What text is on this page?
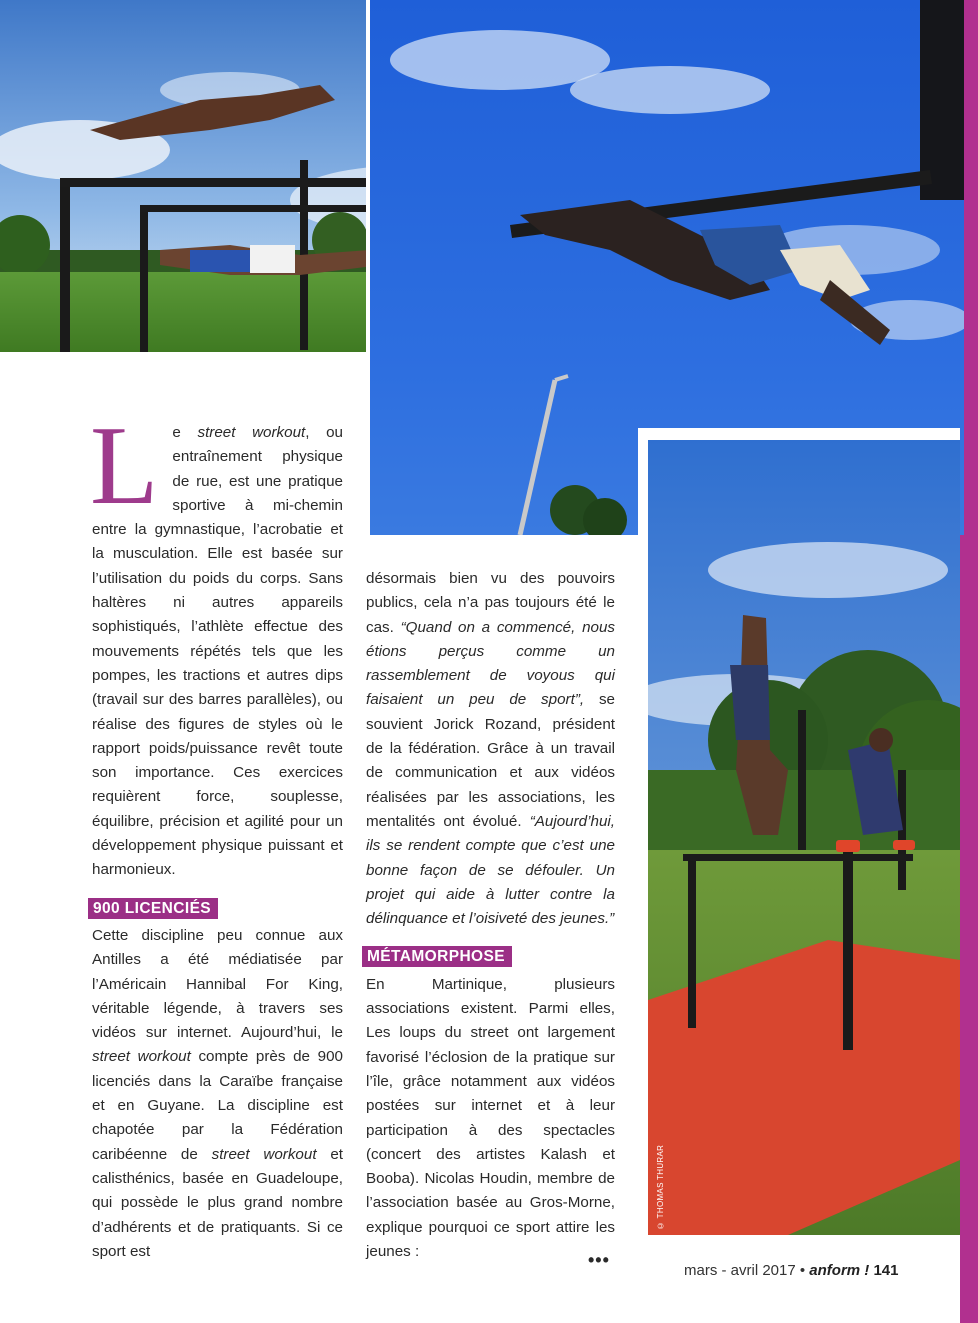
© THOMAS THURAR

Le street workout, ou entraînement physique de rue, est une pratique sportive à mi-chemin entre la gymnastique, l’acrobatie et la musculation. Elle est basée sur l’utilisation du poids du corps. Sans haltères ni autres appareils sophistiqués, l’athlète effectue des mouvements répétés tels que les pompes, les tractions et autres dips (travail sur des barres parallèles), ou réalise des figures de styles où le rapport poids/puissance revêt toute son importance. Ces exercices requièrent force, souplesse, équilibre, précision et agilité pour un développement physique puissant et harmonieux.

900 LICENCIÉS

Cette discipline peu connue aux Antilles a été médiatisée par l’Américain Hannibal For King, véritable légende, à travers ses vidéos sur internet. Aujourd’hui, le street workout compte près de 900 licenciés dans la Caraïbe française et en Guyane. La discipline est chapotée par la Fédération caribéenne de street workout et calisthénics, basée en Guadeloupe, qui possède le plus grand nombre d’adhérents et de pratiquants. Si ce sport est

désormais bien vu des pouvoirs publics, cela n’a pas toujours été le cas. “Quand on a commencé, nous étions perçus comme un rassemblement de voyous qui faisaient un peu de sport”, se souvient Jorick Rozand, président de la fédération. Grâce à un travail de communication et aux vidéos réalisées par les associations, les mentalités ont évolué. “Aujourd’hui, ils se rendent compte que c’est une bonne façon de se défouler. Un projet qui aide à lutter contre la délinquance et l’oisiveté des jeunes.”

MÉTAMORPHOSE

En Martinique, plusieurs associations existent. Parmi elles, Les loups du street ont largement favorisé l’éclosion de la pratique sur l’île, grâce notamment aux vidéos postées sur internet et à leur participation à des spectacles (concert des artistes Kalash et Booba). Nicolas Houdin, membre de l’association basée au Gros-Morne, explique pourquoi ce sport attire les jeunes :	•••
mars - avril 2017 • anform ! 141
